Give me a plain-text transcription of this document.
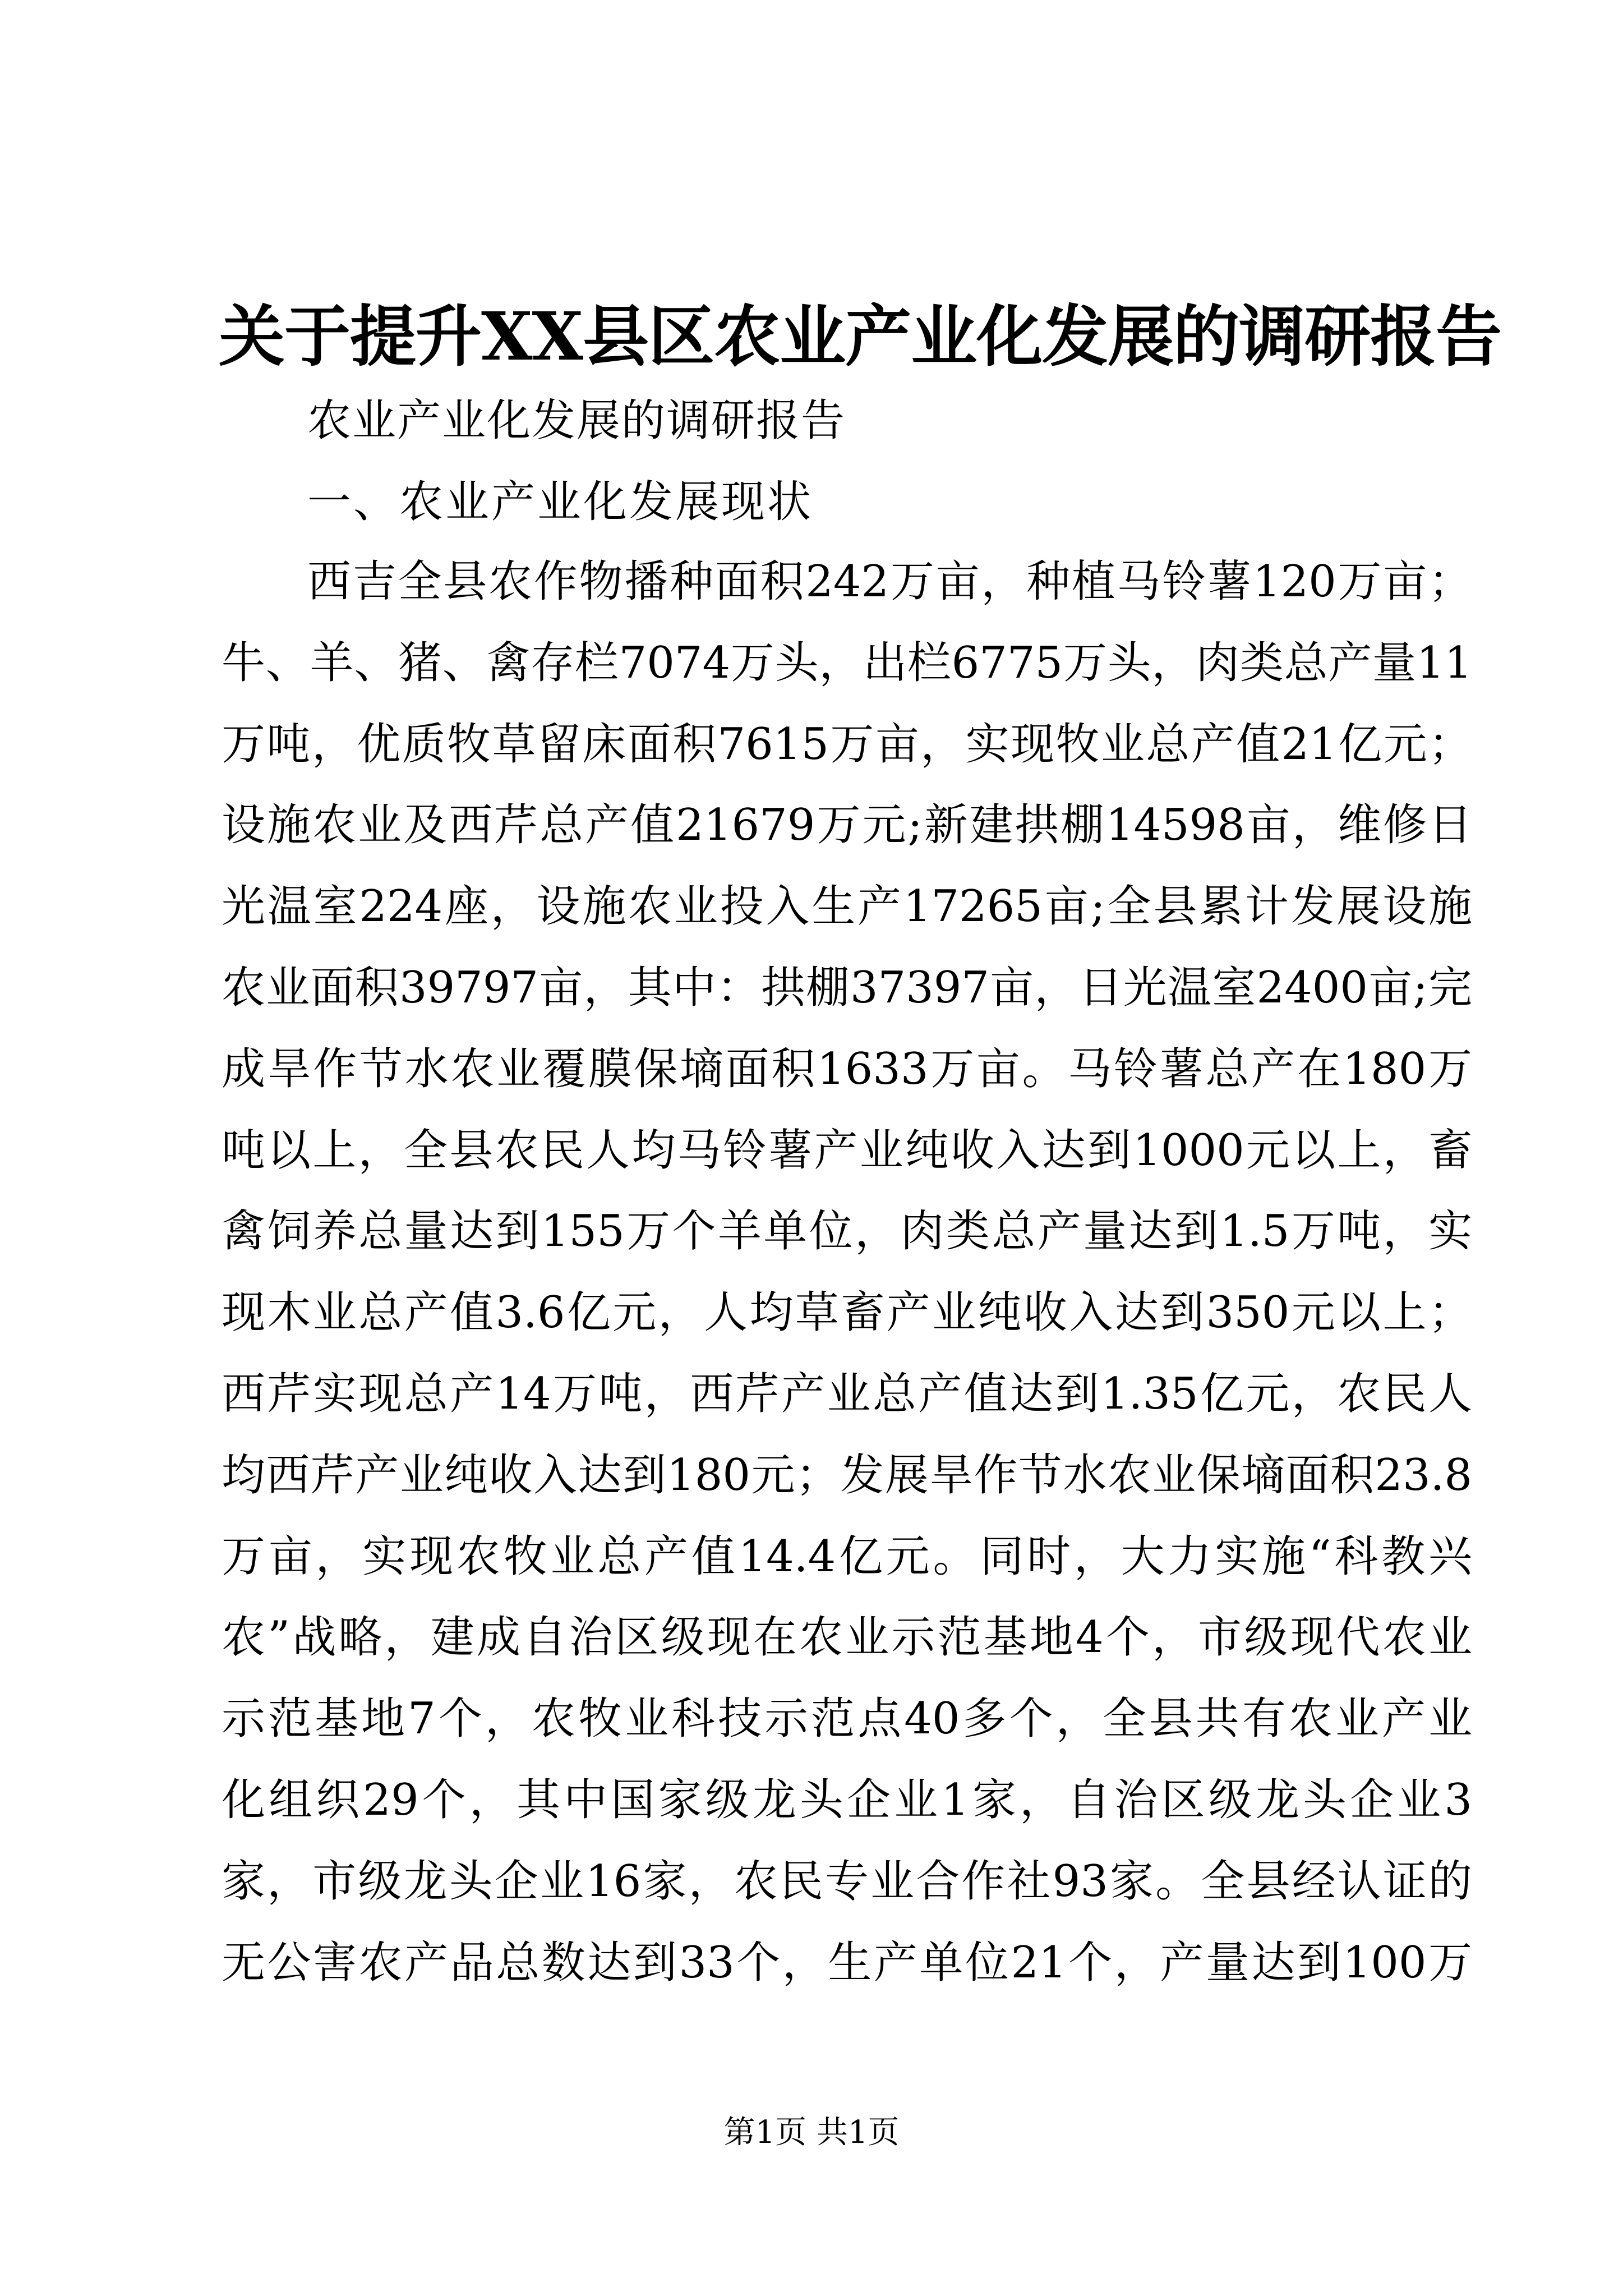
关于提升XX县区农业产业化发展的调研报告
农业产业化发展的调研报告
一、农业产业化发展现状
西吉全县农作物播种面积242万亩，种植马铃薯120万亩；
牛、羊、猪、禽存栏7074万头，出栏6775万头，肉类总产量11
万吨，优质牧草留床面积7615万亩，实现牧业总产值21亿元；
设施农业及西芹总产值21679万元;新建拱棚14598亩，维修日
光温室224座，设施农业投入生产17265亩;全县累计发展设施
农业面积39797亩，其中：拱棚37397亩，日光温室2400亩;完
成旱作节水农业覆膜保墒面积1633万亩。马铃薯总产在180万
吨以上，全县农民人均马铃薯产业纯收入达到1000元以上，畜
禽饲养总量达到155万个羊单位，肉类总产量达到1.5万吨，实
现木业总产值3.6亿元，人均草畜产业纯收入达到350元以上；
西芹实现总产14万吨，西芹产业总产值达到1.35亿元，农民人
均西芹产业纯收入达到180元；发展旱作节水农业保墒面积23.8
万亩，实现农牧业总产值14.4亿元。同时，大力实施“科教兴
农”战略，建成自治区级现在农业示范基地4个，市级现代农业
示范基地7个，农牧业科技示范点40多个，全县共有农业产业
化组织29个，其中国家级龙头企业1家，自治区级龙头企业3
家，市级龙头企业16家，农民专业合作社93家。全县经认证的
无公害农产品总数达到33个，生产单位21个，产量达到100万
第1页 共1页
